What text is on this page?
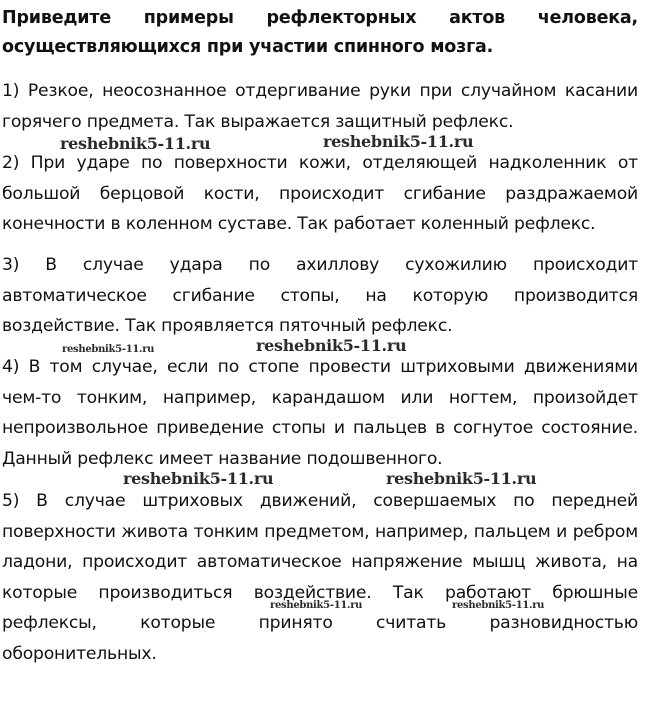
Приведите примеры рефлекторных актов человека, осуществляющихся при участии спинного мозга.

1) Резкое, неосознанное отдергивание руки при случайном касании горячего предмета. Так выражается защитный рефлекс.

2) При ударе по поверхности кожи, отделяющей надколенник от большой берцовой кости, происходит сгибание раздражаемой конечности в коленном суставе. Так работает коленный рефлекс.

3) В случае удара по ахиллову сухожилию происходит автоматическое сгибание стопы, на которую производится воздействие. Так проявляется пяточный рефлекс.

4) В том случае, если по стопе провести штриховыми движениями чем-то тонким, например, карандашом или ногтем, произойдет непроизвольное приведение стопы и пальцев в согнутое состояние. Данный рефлекс имеет название подошвенного.

5) В случае штриховых движений, совершаемых по передней поверхности живота тонким предметом, например, пальцем и ребром ладони, происходит автоматическое напряжение мышц живота, на которые производиться воздействие. Так работают брюшные рефлексы, которые принято считать разновидностью оборонительных.

reshebnik5-11.ru	reshebnik5-11.ru
reshebnik5-11.ru	reshebnik5-11.ru
reshebnik5-11.ru	reshebnik5-11.ru
reshebnik5-11.ru	reshebnik5-11.ru
